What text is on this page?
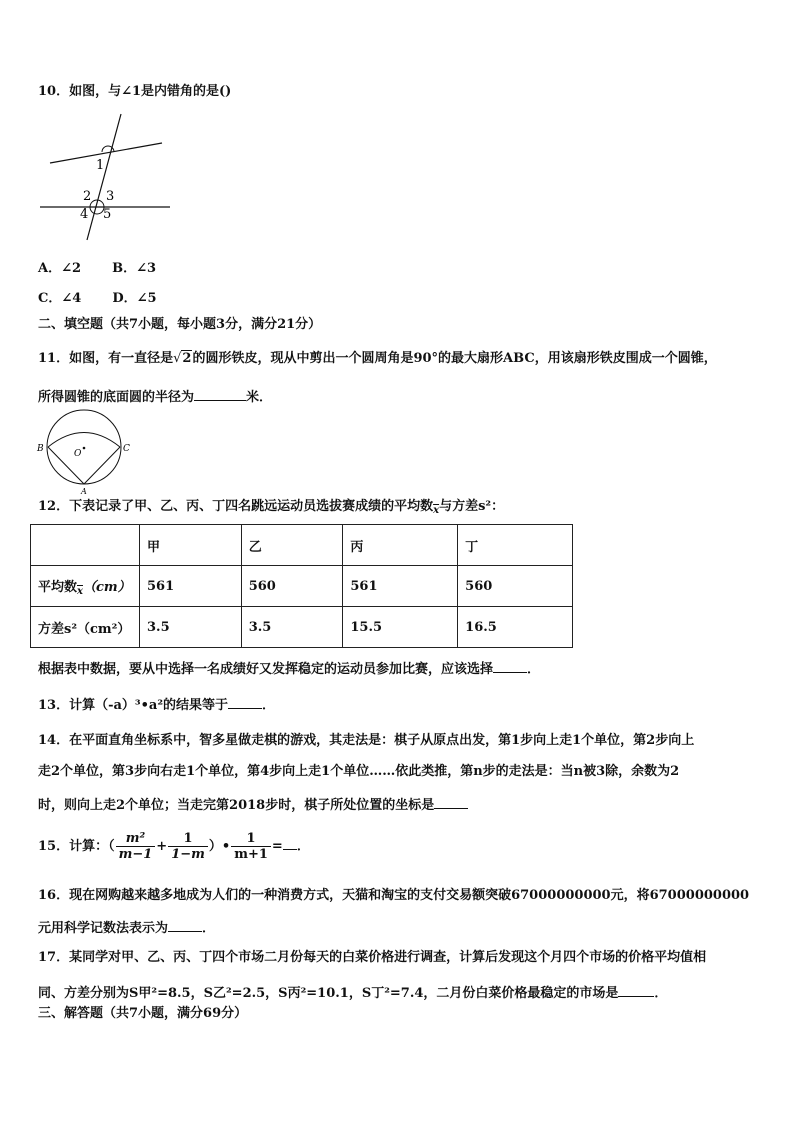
10．如图，与∠1是内错角的是()
1
2 3
4 5
A．∠2 B．∠3
C．∠4 D．∠5
二、填空题（共7小题，每小题3分，满分21分）
11．如图，有一直径是√2的圆形铁皮，现从中剪出一个圆周角是90°的最大扇形ABC，用该扇形铁皮围成一个圆锥，
所得圆锥的底面圆的半径为	米．
B	C
O
A
12．下表记录了甲、乙、丙、丁四名跳远运动员选拔赛成绩的平均数$_{\overline{x}}$与方差s²：
	甲	乙	丙	丁
平均数$_{\overline{x}}$（cm）	561	560	561	560
方差s²（cm²）	3.5	3.5	15.5	16.5
根据表中数据，要从中选择一名成绩好又发挥稳定的运动员参加比赛，应该选择	．
13．计算（-a）³•a²的结果等于	．
14．在平面直角坐标系中，智多星做走棋的游戏，其走法是：棋子从原点出发，第1步向上走1个单位，第2步向上
走2个单位，第3步向右走1个单位，第4步向上走1个单位……依此类推，第n步的走法是：当n被3除，余数为2
时，则向上走2个单位；当走完第2018步时，棋子所处位置的坐标是
15．计算：（ $\frac{\text{m²}}{m-1} + \frac{1}{1-m}$ ）• $\frac{1}{m+1}$ = ．
16．现在网购越来越多地成为人们的一种消费方式，天猫和淘宝的支付交易额突破67000000000元，将67000000000
元用科学记数法表示为	．
17．某同学对甲、乙、丙、丁四个市场二月份每天的白菜价格进行调查，计算后发现这个月四个市场的价格平均值相
同、方差分别为S甲²=8.5，S乙²=2.5，S丙²=10.1，S丁²=7.4，二月份白菜价格最稳定的市场是	．
三、解答题（共7小题，满分69分）
